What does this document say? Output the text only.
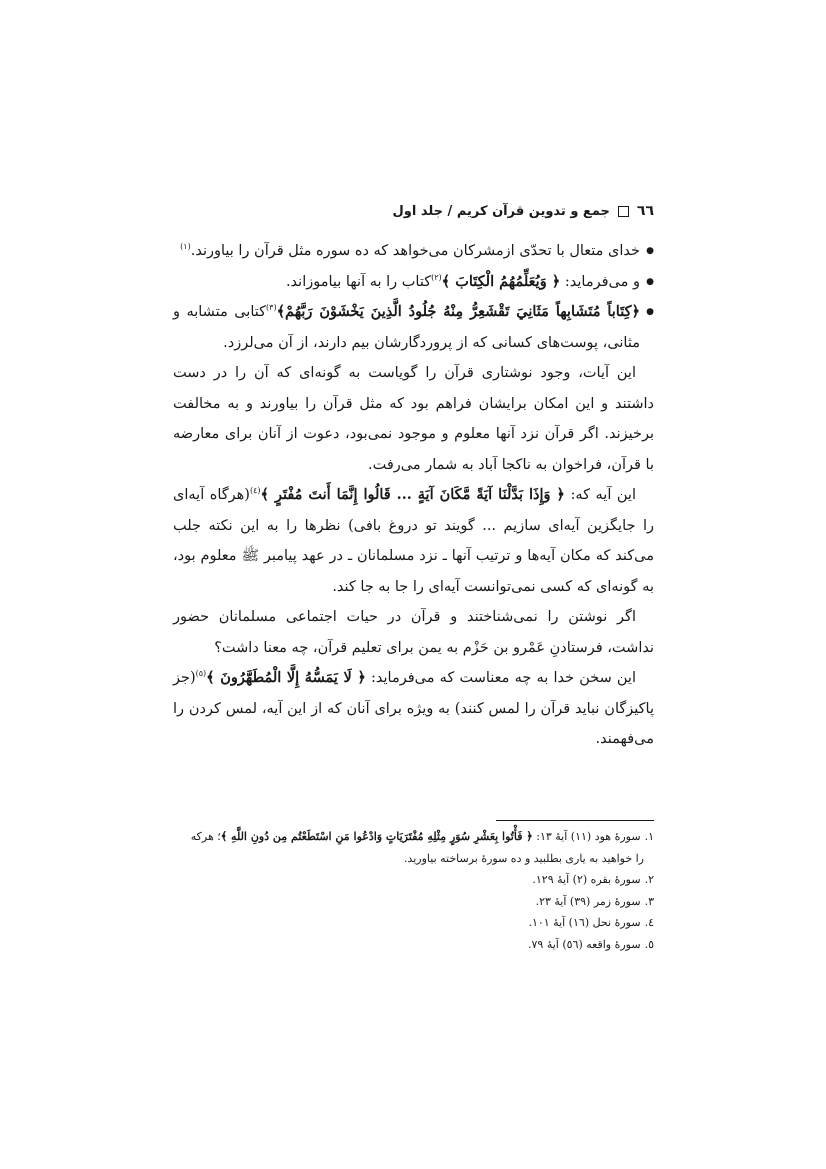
٦٦
جمع و تدوین قرآن کریم / جلد اول

● خدای متعال با تحدّی ازمشرکان می‌خواهد که ده سوره مثل قرآن را بیاورند.$^{(۱)}$

● و می‌فرماید: ﴿ وَيُعَلِّمُهُمُ الْكِتَابَ ﴾$^{(۲)}$کتاب را به آنها بیاموزاند.

● ﴿كِتَاباً مُتَشَابِهاً مَثَانِيَ تَقْشَعِرُّ مِنْهُ جُلُودُ الَّذِينَ يَخْشَوْنَ رَبَّهُمْ﴾$^{(۳)}$کتابی متشابه و مثانی، پوست‌های کسانی که از پروردگارشان بیم دارند، از آن می‌لرزد.

این آیات، وجود نوشتاری قرآن را گویاست به گونه‌ای که آن را در دست داشتند و این امکان برایشان فراهم بود که مثل قرآن را بیاورند و به مخالفت برخیزند. اگر قرآن نزد آنها معلوم و موجود نمی‌بود، دعوت از آنان برای معارضه با قرآن، فراخوان به ناکجا آباد به شمار می‌رفت.

این آیه که: ﴿ وَإِذَا بَدَّلْنَا آيَةً مَّكَانَ آيَةٍ ... قَالُوا إِنَّمَا أَنتَ مُفْتَرٍ ﴾$^{(٤)}$(هرگاه آیه‌ای را جایگزین آیه‌ای سازیم ... گویند تو دروغ بافی) نظرها را به این نکته جلب می‌کند که مکان آیه‌ها و ترتیب آنها ـ نزد مسلمانان ـ در عهد پیامبر ﷺ معلوم بود، به گونه‌ای که کسی نمی‌توانست آیه‌ای را جا به جا کند.

اگر نوشتن را نمی‌شناختند و قرآن در حیات اجتماعی مسلمانان حضور نداشت، فرستادنِ عَمْرو بن حَزْم به یمن برای تعلیم قرآن، چه معنا داشت؟

این سخن خدا به چه معناست که می‌فرماید: ﴿ لَا يَمَسُّهُ إِلَّا الْمُطَهَّرُونَ ﴾$^{(٥)}$(جز پاکیزگان نباید قرآن را لمس کنند) به ویژه برای آنان که از این آیه، لمس کردن را می‌فهمند.

۱.
سورهٔ هود (۱۱) آیهٔ ۱۳: ﴿ فَأْتُوا بِعَشْرِ سُوَرٍ مِثْلِهِ مُفْتَرَيَاتٍ وَادْعُوا مَنِ اسْتَطَعْتُم مِن دُونِ اللَّهِ ﴾؛ هرکه
را خواهید به یاری بطلبید و ده سورهٔ برساخته بیاورید.
۲.
سورهٔ بقره (۲) آیهٔ ۱۲۹.
۳.
سورهٔ زمر (۳۹) آیهٔ ۲۳.
٤.
سورهٔ نحل (۱٦) آیهٔ ۱۰۱.
٥.
سورهٔ واقعه (٥٦) آیهٔ ۷۹.
